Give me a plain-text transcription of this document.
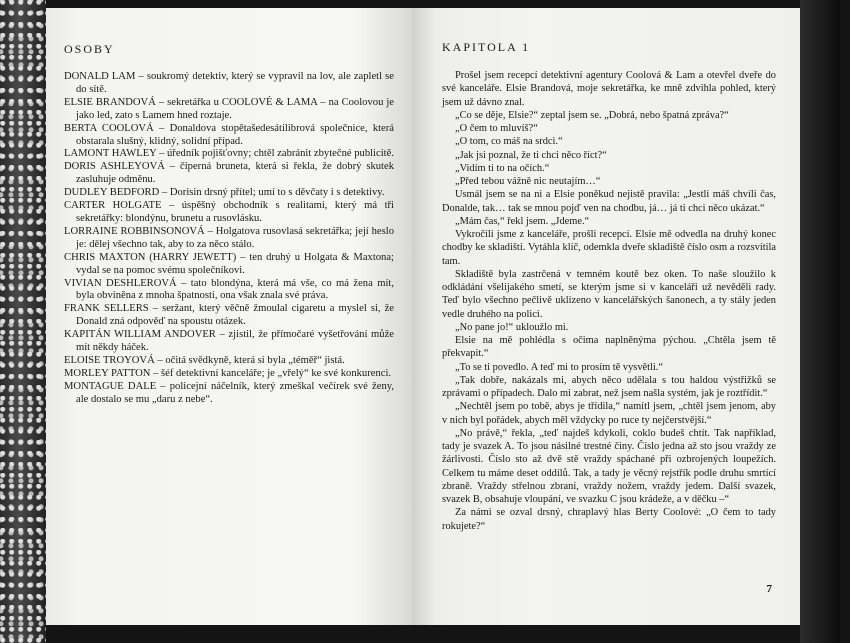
OSOBY
DONALD LAM – soukromý detektiv, který se vypravil na lov, ale zapletl se do sítě.
ELSIE BRANDOVÁ – sekretářka u COOLOVÉ & LAMA – na Coolovou je jako led, zato s Lamem hned roztaje.
BERTA COOLOVÁ – Donaldova stopětašedesátilibrová společnice, která obstarala slušný, klidný, solidní případ.
LAMONT HAWLEY – úředník pojišťovny; chtěl zabránit zbytečné publicitě.
DORIS ASHLEYOVÁ – čiperná bruneta, která si řekla, že dobrý skutek zasluhuje odměnu.
DUDLEY BEDFORD – Dorisin drsný přítel; umí to s děvčaty i s detektivy.
CARTER HOLGATE – úspěšný obchodník s realitami, který má tři sekretářky: blondýnu, brunetu a rusovlásku.
LORRAINE ROBBINSONOVÁ – Holgatova rusovlasá sekretářka; její heslo je: dělej všechno tak, aby to za něco stálo.
CHRIS MAXTON (HARRY JEWETT) – ten druhý u Holgata & Maxtona; vydal se na pomoc svému společníkovi.
VIVIAN DESHLEROVÁ – tato blondýna, která má vše, co má žena mít, byla obviněna z mnoha špatností, ona však znala své práva.
FRANK SELLERS – seržant, který věčně žmoulal cigaretu a myslel si, že Donald zná odpověď na spoustu otázek.
KAPITÁN WILLIAM ANDOVER – zjistil, že přímočaré vyšetřování může mít někdy háček.
ELOISE TROYOVÁ – očitá svědkyně, která si byla „téměř“ jistá.
MORLEY PATTON – šéf detektivní kanceláře; je „vřelý“ ke své konkurenci.
MONTAGUE DALE – policejní náčelník, který zmeškal večírek své ženy, ale dostalo se mu „daru z nebe“.
KAPITOLA 1

Prošel jsem recepcí detektivní agentury Coolová & Lam a otevřel dveře do své kanceláře. Elsie Brandová, moje sekretářka, ke mně zdvihla pohled, který jsem už dávno znal.

„Co se děje, Elsie?“ zeptal jsem se. „Dobrá, nebo špatná zpráva?“

„O čem to mluvíš?“

„O tom, co máš na srdci.“

„Jak jsi poznal, že ti chci něco říct?“

„Vidím ti to na očích.“

„Před tebou vážně nic neutajím…“

Usmál jsem se na ni a Elsie poněkud nejistě pravila: „Jestli máš chvíli čas, Donalde, tak… tak se mnou pojď ven na chodbu, já… já ti chci něco ukázat.“

„Mám čas,“ řekl jsem. „Jdeme.“

Vykročili jsme z kanceláře, prošli recepcí. Elsie mě odvedla na druhý konec chodby ke skladišti. Vytáhla klíč, odemkla dveře skladiště číslo osm a rozsvítila tam.

Skladiště byla zastrčená v temném koutě bez oken. To naše sloužilo k odkládání všelijakého smetí, se kterým jsme si v kanceláři už nevěděli rady. Teď bylo všechno pečlivě uklizeno v kancelářských šanonech, a ty stály jeden vedle druhého na polici.

„No pane jo!“ ukloužlo mi.

Elsie na mě pohlédla s očima naplněnýma pýchou. „Chtěla jsem tě překvapit.“

„To se ti povedlo. A teď mi to prosím tě vysvětli.“

„Tak dobře, nakázals mi, abych něco udělala s tou haldou výstřižků se zprávami o případech. Dalo mi zabrat, než jsem našla systém, jak je roztřídit.“

„Nechtěl jsem po tobě, abys je třídila,“ namítl jsem, „chtěl jsem jenom, aby v nich byl pořádek, abych měl vždycky po ruce ty nejčerstvější.“

„No právě,“ řekla, „teď najdeš kdykoli, coklo budeš chtít. Tak například, tady je svazek A. To jsou násilné trestné činy. Číslo jedna až sto jsou vraždy ze žárlivosti. Číslo sto až dvě stě vraždy spáchané při ozbrojených loupežích. Celkem tu máme deset oddílů. Tak, a tady je věcný rejstřík podle druhu smrtící zbraně. Vraždy střelnou zbraní, vraždy nožem, vraždy jedem. Další svazek, svazek B, obsahuje vloupání, ve svazku C jsou krádeže, a v děčku –“

Za námi se ozval drsný, chraplavý hlas Berty Coolové: „O čem to tady rokujete?“

7
